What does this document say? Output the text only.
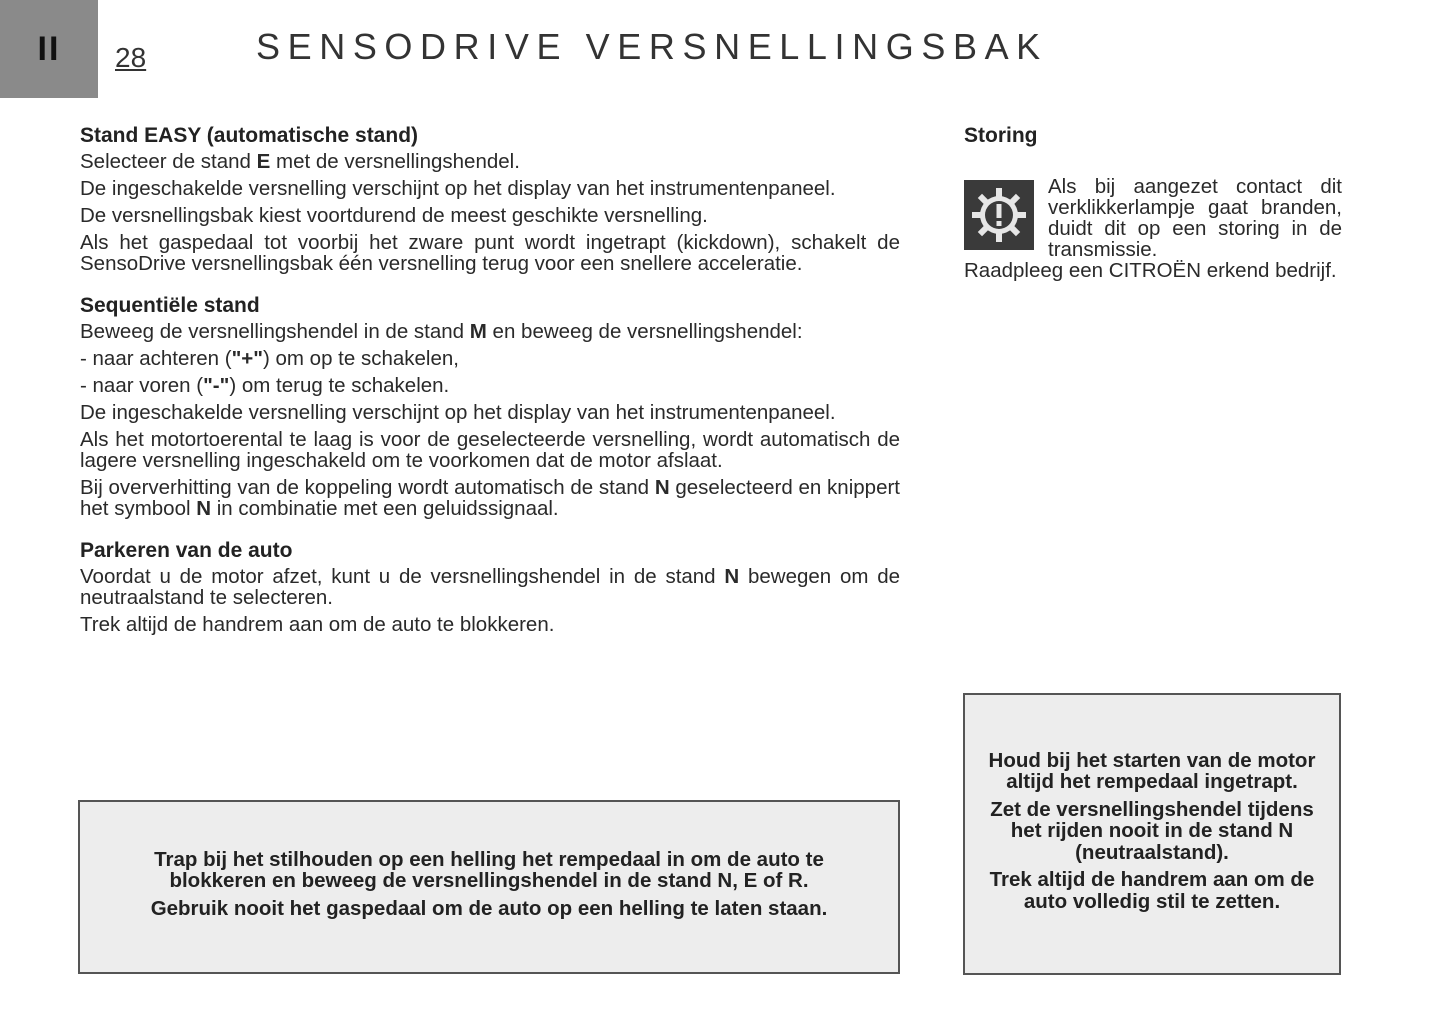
II 28	SENSODRIVE VERSNELLINGSBAK
Stand EASY (automatische stand)

Selecteer de stand E met de versnellingshendel.

De ingeschakelde versnelling verschijnt op het display van het instrumentenpaneel.

De versnellingsbak kiest voortdurend de meest geschikte versnelling.

Als het gaspedaal tot voorbij het zware punt wordt ingetrapt (kickdown), schakelt de SensoDrive versnellingsbak één versnelling terug voor een snellere acceleratie.

Sequentiële stand

Beweeg de versnellingshendel in de stand M en beweeg de versnellingshendel:

- naar achteren ("+") om op te schakelen,

- naar voren ("-") om terug te schakelen.

De ingeschakelde versnelling verschijnt op het display van het instrumentenpaneel.

Als het motortoerental te laag is voor de geselecteerde versnelling, wordt automatisch de lagere versnelling ingeschakeld om te voorkomen dat de motor afslaat.

Bij oververhitting van de koppeling wordt automatisch de stand N geselecteerd en knippert het symbool N in combinatie met een geluidssignaal.

Parkeren van de auto

Voordat u de motor afzet, kunt u de versnellingshendel in de stand N bewegen om de neutraalstand te selecteren.

Trek altijd de handrem aan om de auto te blokkeren.

Storing

Als bij aangezet contact dit verklikkerlampje gaat branden, duidt dit op een storing in de transmissie.

Raadpleeg een CITROËN erkend bedrijf.

Trap bij het stilhouden op een helling het rempedaal in om de auto te blokkeren en beweeg de versnellingshendel in de stand N, E of R.

Gebruik nooit het gaspedaal om de auto op een helling te laten staan.

Houd bij het starten van de motor altijd het rempedaal ingetrapt.

Zet de versnellingshendel tijdens het rijden nooit in de stand N (neutraalstand).

Trek altijd de handrem aan om de auto volledig stil te zetten.
